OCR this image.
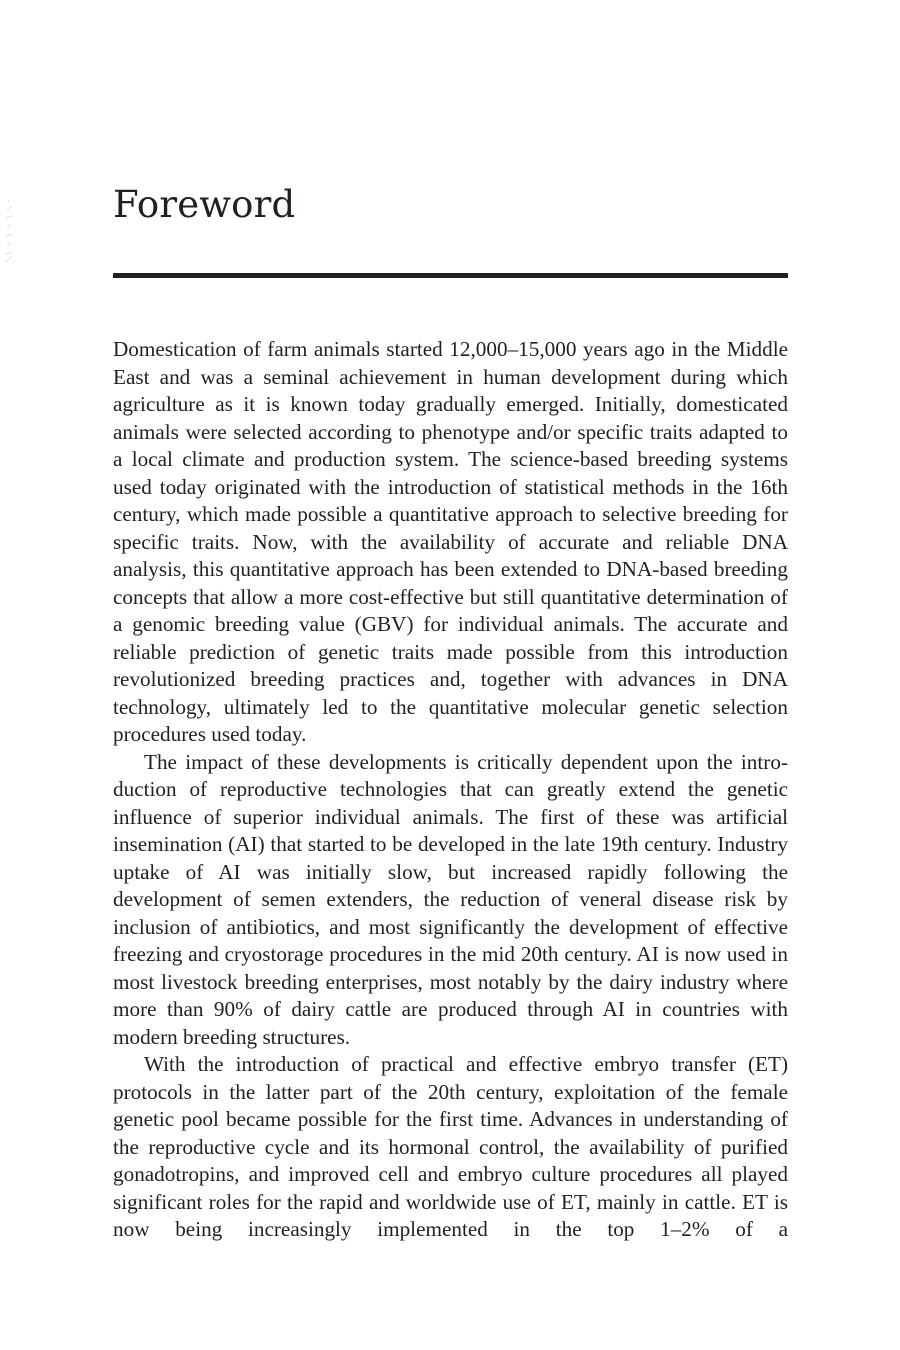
Foreword

Domestication of farm animals started 12,000–15,000 years ago in the Middle East and was a seminal achievement in human development during which agriculture as it is known today gradually emerged. Initially, domesticated animals were selected according to phenotype and/or specific traits adapted to a local climate and production system. The science-based breeding systems used today originated with the introduction of statistical methods in the 16th century, which made possible a quantitative approach to selective breeding for specific traits. Now, with the availability of accurate and reliable DNA analysis, this quantitative approach has been extended to DNA-based breeding concepts that allow a more cost-effective but still quantitative determination of a genomic breeding value (GBV) for individual animals. The accurate and reliable prediction of genetic traits made possible from this introduction revolutionized breeding practices and, together with advances in DNA technology, ultimately led to the quantitative molecular genetic selection procedures used today.

The impact of these developments is critically dependent upon the introduction of reproductive technologies that can greatly extend the genetic influence of superior individual animals. The first of these was artificial insemination (AI) that started to be developed in the late 19th century. Industry uptake of AI was initially slow, but increased rapidly following the development of semen extenders, the reduction of veneral disease risk by inclusion of antibiotics, and most significantly the development of effective freezing and cryostorage procedures in the mid 20th century. AI is now used in most livestock breeding enterprises, most notably by the dairy industry where more than 90% of dairy cattle are produced through AI in countries with modern breeding structures.

With the introduction of practical and effective embryo transfer (ET) protocols in the latter part of the 20th century, exploitation of the female genetic pool became possible for the first time. Advances in understanding of the reproductive cycle and its hormonal control, the availability of purified gonadotropins, and improved cell and embryo culture procedures all played significant roles for the rapid and worldwide use of ET, mainly in cattle. ET is now being increasingly implemented in the top 1–2% of a
